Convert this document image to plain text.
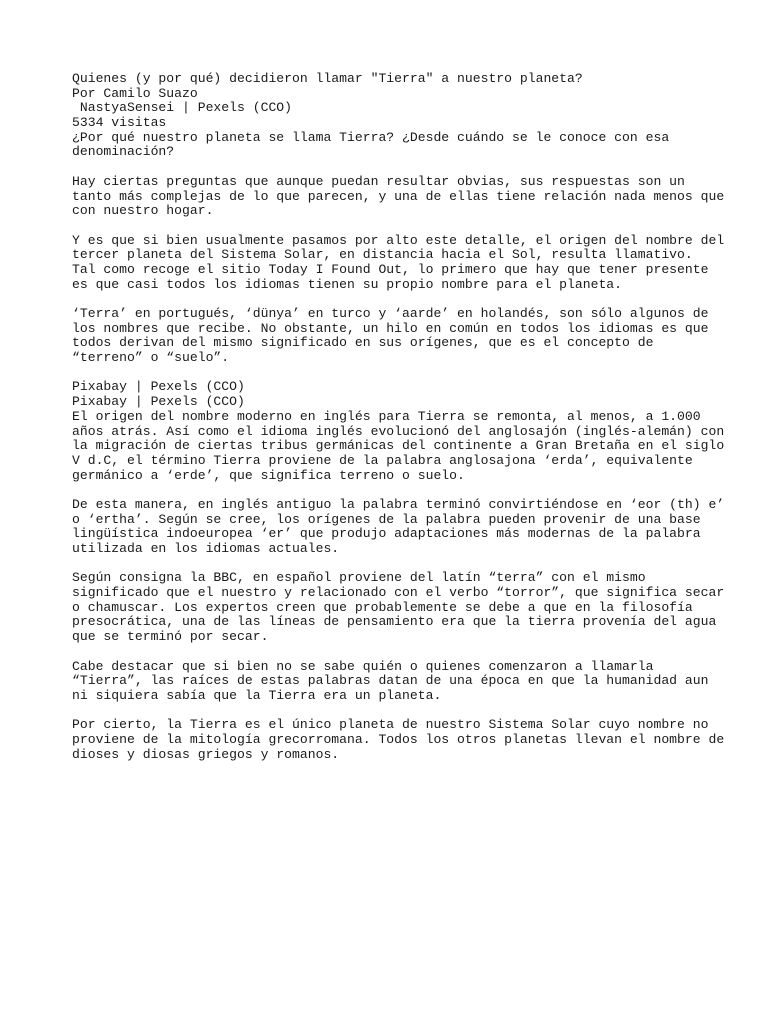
Quienes (y por qué) decidieron llamar "Tierra" a nuestro planeta?
Por Camilo Suazo
NastyaSensei | Pexels (CCO)
5334 visitas
¿Por qué nuestro planeta se llama Tierra? ¿Desde cuándo se le conoce con esa
denominación?
Hay ciertas preguntas que aunque puedan resultar obvias, sus respuestas son un
tanto más complejas de lo que parecen, y una de ellas tiene relación nada menos que
con nuestro hogar.
Y es que si bien usualmente pasamos por alto este detalle, el origen del nombre del
tercer planeta del Sistema Solar, en distancia hacia el Sol, resulta llamativo.
Tal como recoge el sitio Today I Found Out, lo primero que hay que tener presente
es que casi todos los idiomas tienen su propio nombre para el planeta.
‘Terra’ en portugués, ‘dünya’ en turco y ‘aarde’ en holandés, son sólo algunos de
los nombres que recibe. No obstante, un hilo en común en todos los idiomas es que
todos derivan del mismo significado en sus orígenes, que es el concepto de
“terreno” o “suelo”.
Pixabay | Pexels (CCO)
Pixabay | Pexels (CCO)
El origen del nombre moderno en inglés para Tierra se remonta, al menos, a 1.000
años atrás. Así como el idioma inglés evolucionó del anglosajón (inglés-alemán) con
la migración de ciertas tribus germánicas del continente a Gran Bretaña en el siglo
V d.C, el término Tierra proviene de la palabra anglosajona ‘erda’, equivalente
germánico a ‘erde’, que significa terreno o suelo.
De esta manera, en inglés antiguo la palabra terminó convirtiéndose en ‘eor (th) e’
o ‘ertha’. Según se cree, los orígenes de la palabra pueden provenir de una base
lingüística indoeuropea ‘er’ que produjo adaptaciones más modernas de la palabra
utilizada en los idiomas actuales.
Según consigna la BBC, en español proviene del latín “terra” con el mismo
significado que el nuestro y relacionado con el verbo “torror”, que significa secar
o chamuscar. Los expertos creen que probablemente se debe a que en la filosofía
presocrática, una de las líneas de pensamiento era que la tierra provenía del agua
que se terminó por secar.
Cabe destacar que si bien no se sabe quién o quienes comenzaron a llamarla
“Tierra”, las raíces de estas palabras datan de una época en que la humanidad aun
ni siquiera sabía que la Tierra era un planeta.
Por cierto, la Tierra es el único planeta de nuestro Sistema Solar cuyo nombre no
proviene de la mitología grecorromana. Todos los otros planetas llevan el nombre de
dioses y diosas griegos y romanos.
